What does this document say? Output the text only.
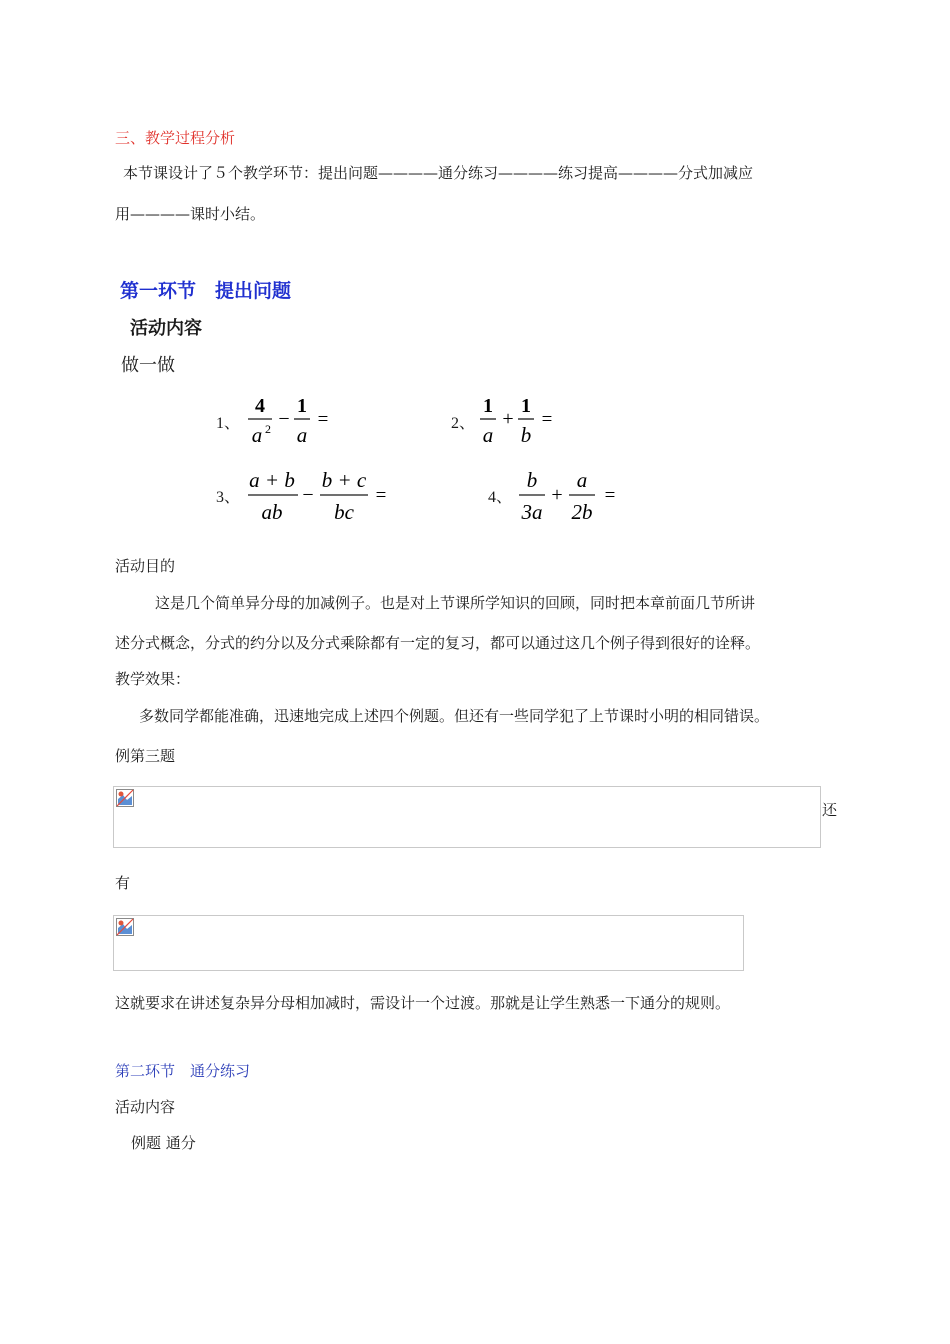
三、教学过程分析
本节课设计了５个教学环节：提出问题————通分练习————练习提高————分式加减应
用————课时小结。
第一环节　提出问题
活动内容
做一做
1、
4
a 2 −
1
a
=	2、
1
a
+
1
b
=
3、
a + b
ab
−
b + c
bc
=	4、
b
3a
+
a
2b
=
活动目的
这是几个简单异分母的加减例子。也是对上节课所学知识的回顾，同时把本章前面几节所讲
述分式概念，分式的约分以及分式乘除都有一定的复习，都可以通过这几个例子得到很好的诠释。
教学效果：
多数同学都能准确，迅速地完成上述四个例题。但还有一些同学犯了上节课时小明的相同错误。
例第三题
还
有
这就要求在讲述复杂异分母相加减时，需设计一个过渡。那就是让学生熟悉一下通分的规则。
第二环节　通分练习
活动内容
例题 通分
